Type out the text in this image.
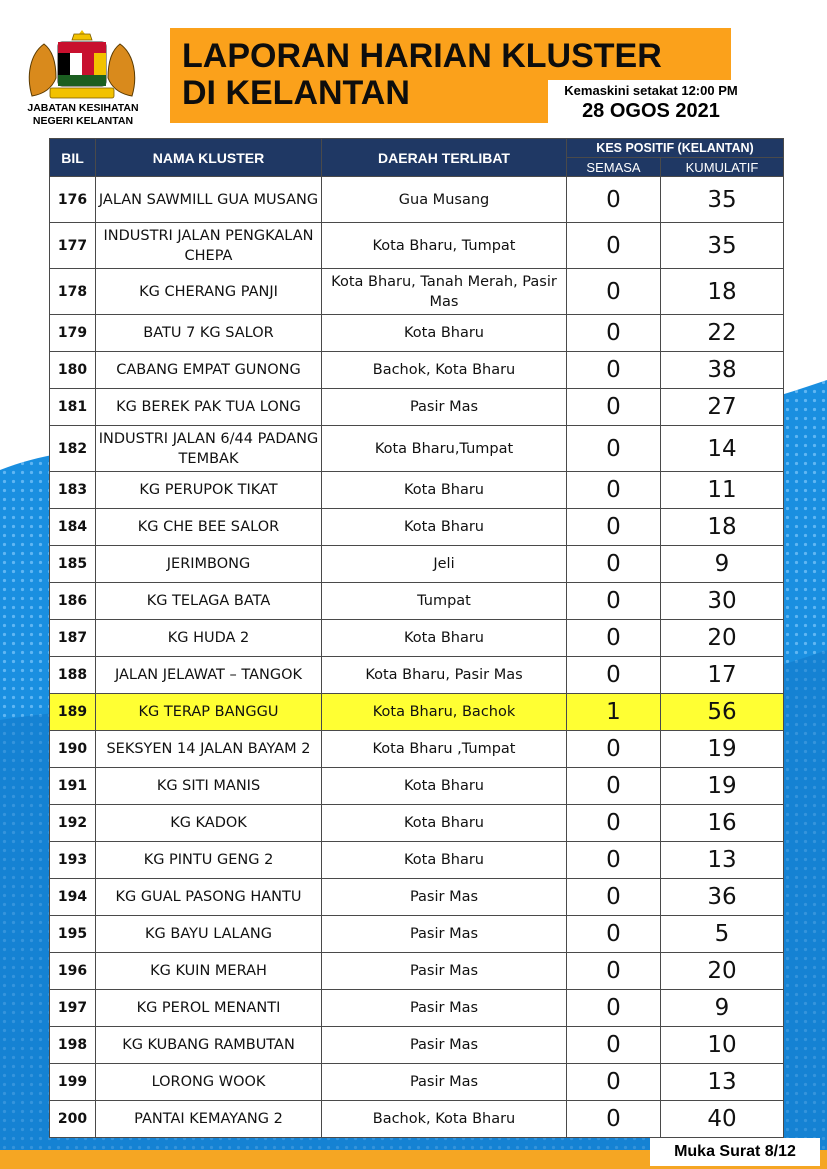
JABATAN KESIHATAN
NEGERI KELANTAN
LAPORAN HARIAN KLUSTER
DI KELANTAN	Kemaskini setakat 12:00 PM
28 OGOS 2021
BIL	NAMA KLUSTER	DAERAH TERLIBAT	KES POSITIF (KELANTAN)	
			SEMASA	KUMULATIF
176	JALAN SAWMILL GUA MUSANG	Gua Musang	0	35
177	INDUSTRI JALAN PENGKALAN CHEPA	Kota Bharu, Tumpat	0	35
178	KG CHERANG PANJI	Kota Bharu, Tanah Merah, Pasir Mas	0	18
179	BATU 7 KG SALOR	Kota Bharu	0	22
180	CABANG EMPAT GUNONG	Bachok, Kota Bharu	0	38
181	KG BEREK PAK TUA LONG	Pasir Mas	0	27
182	INDUSTRI JALAN 6/44 PADANG TEMBAK	Kota Bharu,Tumpat	0	14
183	KG PERUPOK TIKAT	Kota Bharu	0	11
184	KG CHE BEE SALOR	Kota Bharu	0	18
185	JERIMBONG	Jeli	0	9
186	KG TELAGA BATA	Tumpat	0	30
187	KG HUDA 2	Kota Bharu	0	20
188	JALAN JELAWAT – TANGOK	Kota Bharu, Pasir Mas	0	17
189	KG TERAP BANGGU	Kota Bharu, Bachok	1	56
190	SEKSYEN 14 JALAN BAYAM 2	Kota Bharu ,Tumpat	0	19
191	KG SITI MANIS	Kota Bharu	0	19
192	KG KADOK	Kota Bharu	0	16
193	KG PINTU GENG 2	Kota Bharu	0	13
194	KG GUAL PASONG HANTU	Pasir Mas	0	36
195	KG BAYU LALANG	Pasir Mas	0	5
196	KG KUIN MERAH	Pasir Mas	0	20
197	KG PEROL MENANTI	Pasir Mas	0	9
198	KG KUBANG RAMBUTAN	Pasir Mas	0	10
199	LORONG WOOK	Pasir Mas	0	13
200	PANTAI KEMAYANG 2	Bachok, Kota Bharu	0	40
Muka Surat 8/12
